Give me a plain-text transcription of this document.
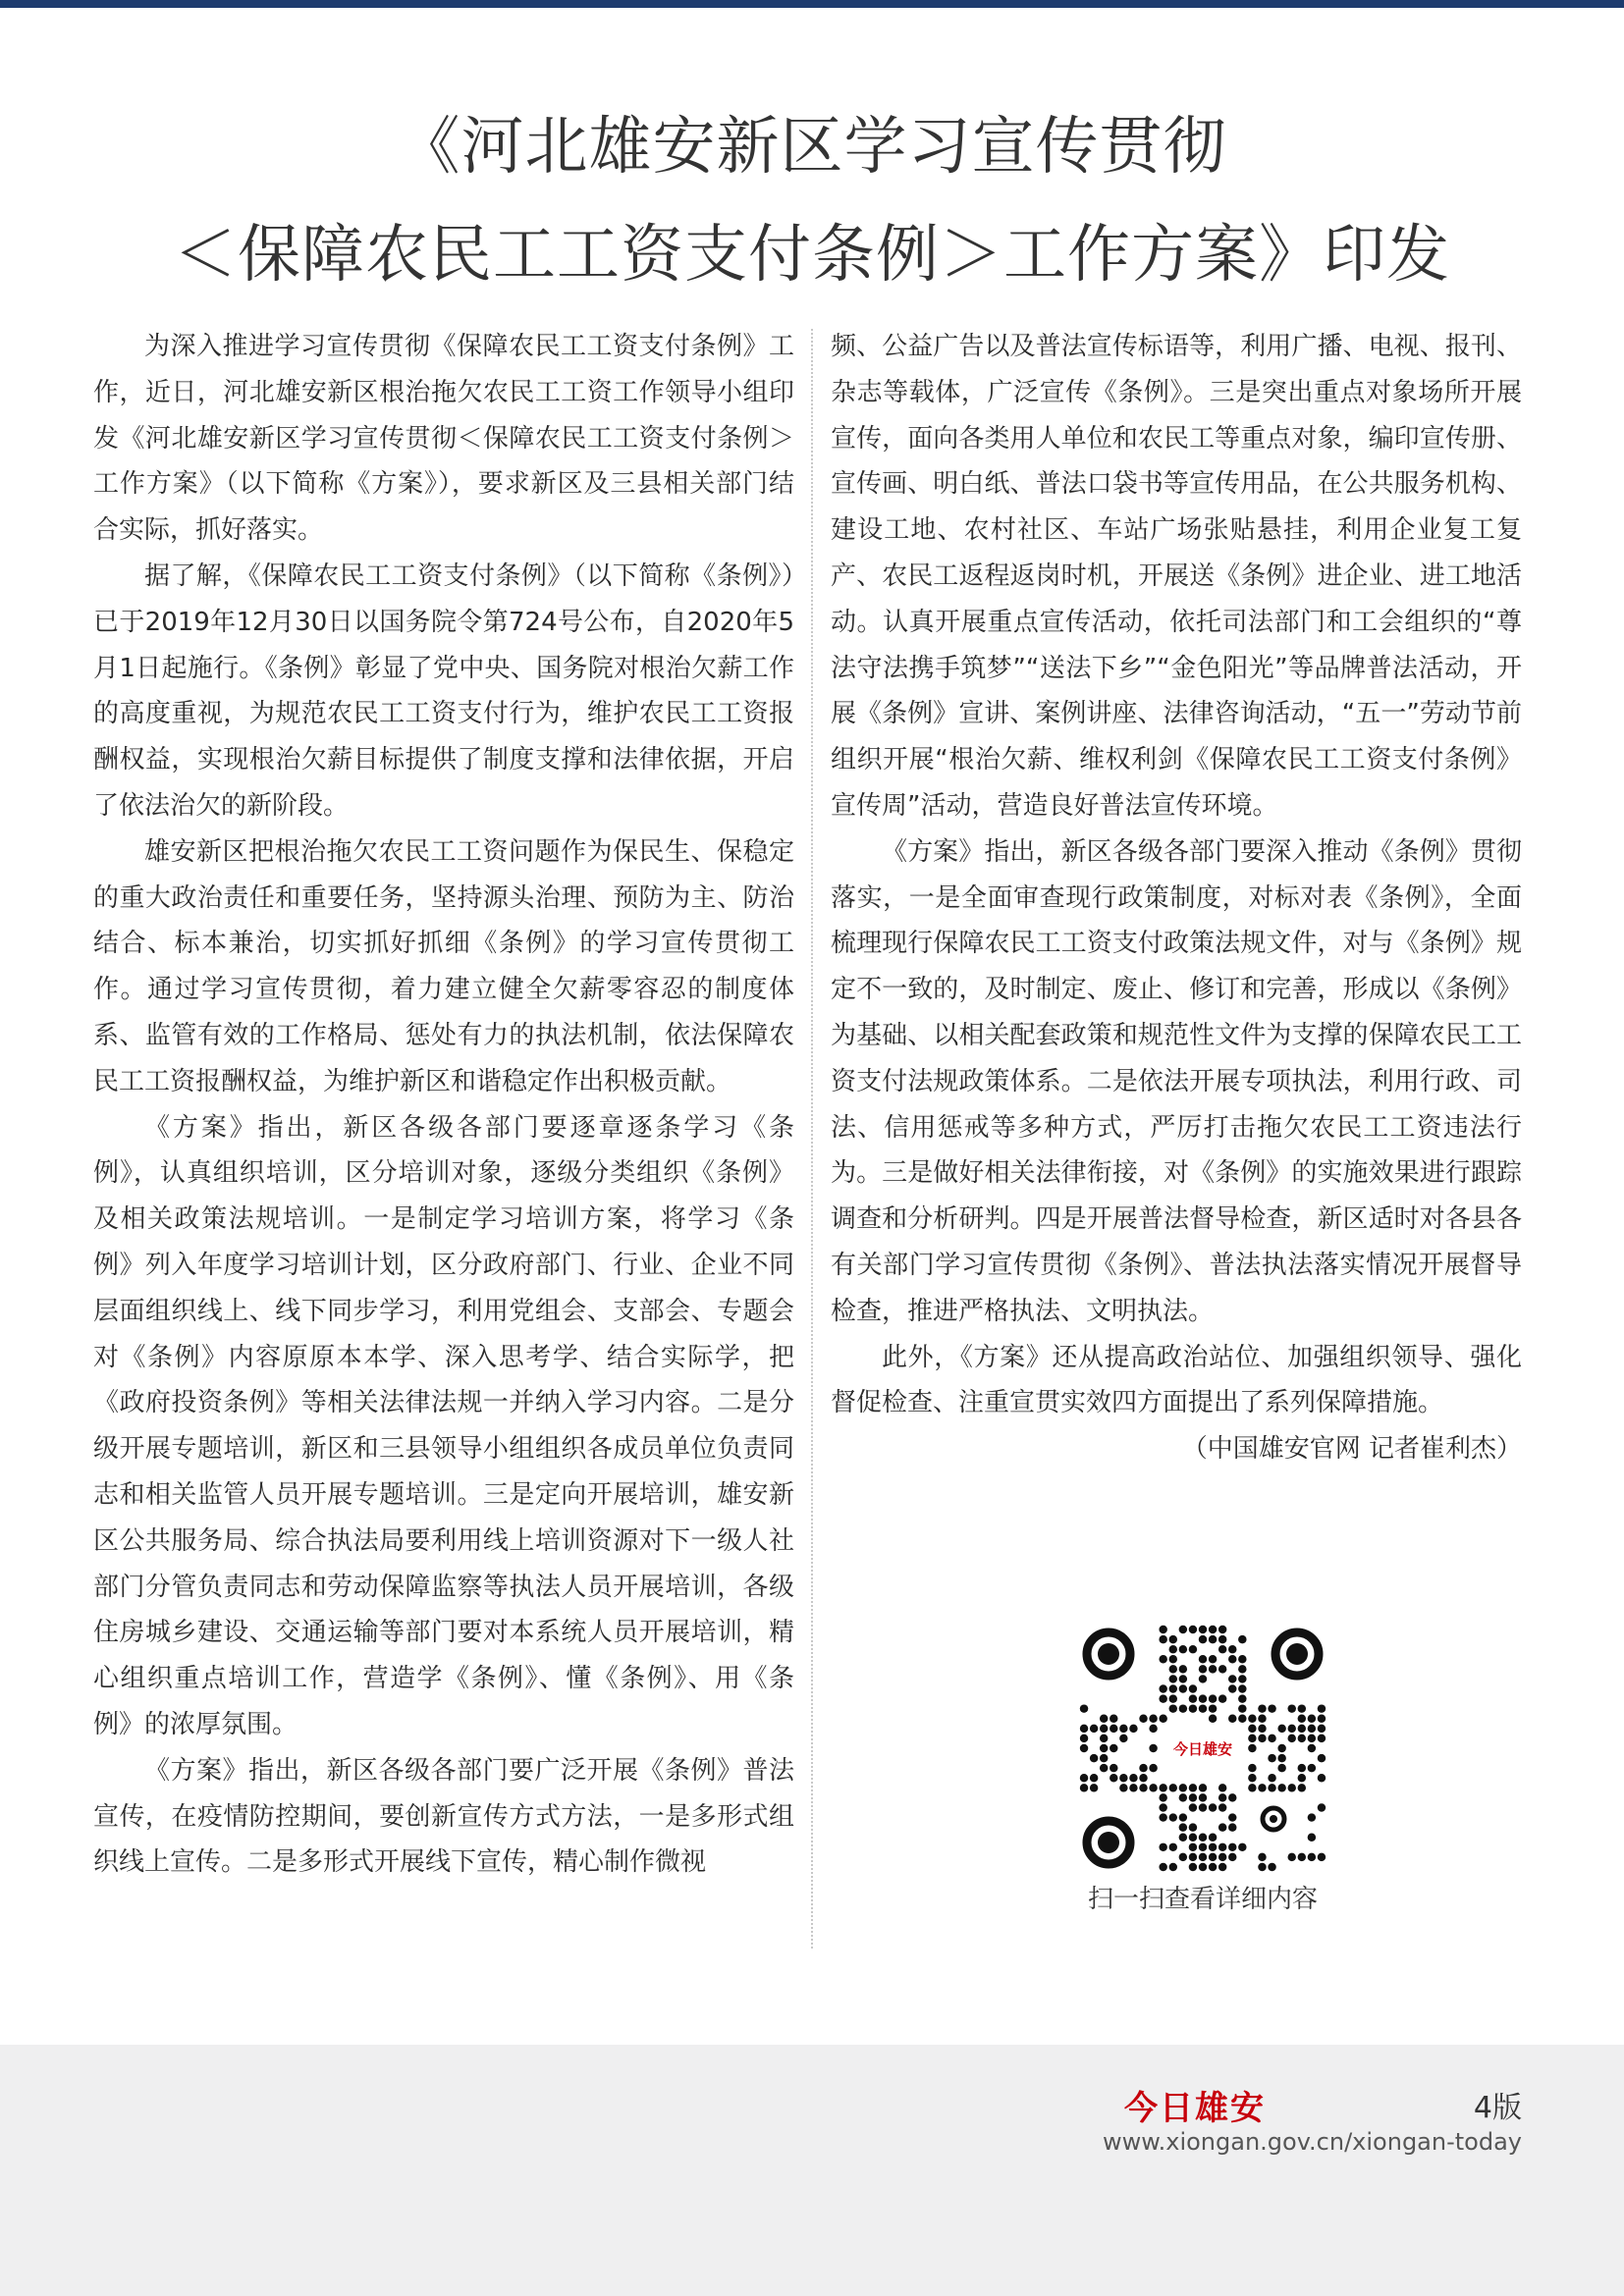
《河北雄安新区学习宣传贯彻
＜保障农民工工资支付条例＞工作方案》印发

为深入推进学习宣传贯彻《保障农民工工资支付条例》工作，近日，河北雄安新区根治拖欠农民工工资工作领导小组印发《河北雄安新区学习宣传贯彻＜保障农民工工资支付条例＞工作方案》（以下简称《方案》），要求新区及三县相关部门结合实际，抓好落实。

据了解，《保障农民工工资支付条例》（以下简称《条例》）已于2019年12月30日以国务院令第724号公布，自2020年5月1日起施行。《条例》彰显了党中央、国务院对根治欠薪工作的高度重视，为规范农民工工资支付行为，维护农民工工资报酬权益，实现根治欠薪目标提供了制度支撑和法律依据，开启了依法治欠的新阶段。

雄安新区把根治拖欠农民工工资问题作为保民生、保稳定的重大政治责任和重要任务，坚持源头治理、预防为主、防治结合、标本兼治，切实抓好抓细《条例》的学习宣传贯彻工作。通过学习宣传贯彻，着力建立健全欠薪零容忍的制度体系、监管有效的工作格局、惩处有力的执法机制，依法保障农民工工资报酬权益，为维护新区和谐稳定作出积极贡献。

《方案》指出，新区各级各部门要逐章逐条学习《条例》，认真组织培训，区分培训对象，逐级分类组织《条例》及相关政策法规培训。一是制定学习培训方案，将学习《条例》列入年度学习培训计划，区分政府部门、行业、企业不同层面组织线上、线下同步学习，利用党组会、支部会、专题会对《条例》内容原原本本学、深入思考学、结合实际学，把《政府投资条例》等相关法律法规一并纳入学习内容。二是分级开展专题培训，新区和三县领导小组组织各成员单位负责同志和相关监管人员开展专题培训。三是定向开展培训，雄安新区公共服务局、综合执法局要利用线上培训资源对下一级人社部门分管负责同志和劳动保障监察等执法人员开展培训，各级住房城乡建设、交通运输等部门要对本系统人员开展培训，精心组织重点培训工作，营造学《条例》、懂《条例》、用《条例》的浓厚氛围。

《方案》指出，新区各级各部门要广泛开展《条例》普法宣传，在疫情防控期间，要创新宣传方式方法，一是多形式组织线上宣传。二是多形式开展线下宣传，精心制作微视

频、公益广告以及普法宣传标语等，利用广播、电视、报刊、杂志等载体，广泛宣传《条例》。三是突出重点对象场所开展宣传，面向各类用人单位和农民工等重点对象，编印宣传册、宣传画、明白纸、普法口袋书等宣传用品，在公共服务机构、建设工地、农村社区、车站广场张贴悬挂，利用企业复工复产、农民工返程返岗时机，开展送《条例》进企业、进工地活动。认真开展重点宣传活动，依托司法部门和工会组织的“尊法守法携手筑梦”“送法下乡”“金色阳光”等品牌普法活动，开展《条例》宣讲、案例讲座、法律咨询活动，“五一”劳动节前组织开展“根治欠薪、维权利剑《保障农民工工资支付条例》宣传周”活动，营造良好普法宣传环境。

《方案》指出，新区各级各部门要深入推动《条例》贯彻落实，一是全面审查现行政策制度，对标对表《条例》，全面梳理现行保障农民工工资支付政策法规文件，对与《条例》规定不一致的，及时制定、废止、修订和完善，形成以《条例》为基础、以相关配套政策和规范性文件为支撑的保障农民工工资支付法规政策体系。二是依法开展专项执法，利用行政、司法、信用惩戒等多种方式，严厉打击拖欠农民工工资违法行为。三是做好相关法律衔接，对《条例》的实施效果进行跟踪调查和分析研判。四是开展普法督导检查，新区适时对各县各有关部门学习宣传贯彻《条例》、普法执法落实情况开展督导检查，推进严格执法、文明执法。

此外，《方案》还从提高政治站位、加强组织领导、强化督促检查、注重宣贯实效四方面提出了系列保障措施。

（中国雄安官网 记者崔利杰）

今日雄安
扫一扫查看详细内容
今日雄安	4版
www.xiongan.gov.cn/xiongan-today
